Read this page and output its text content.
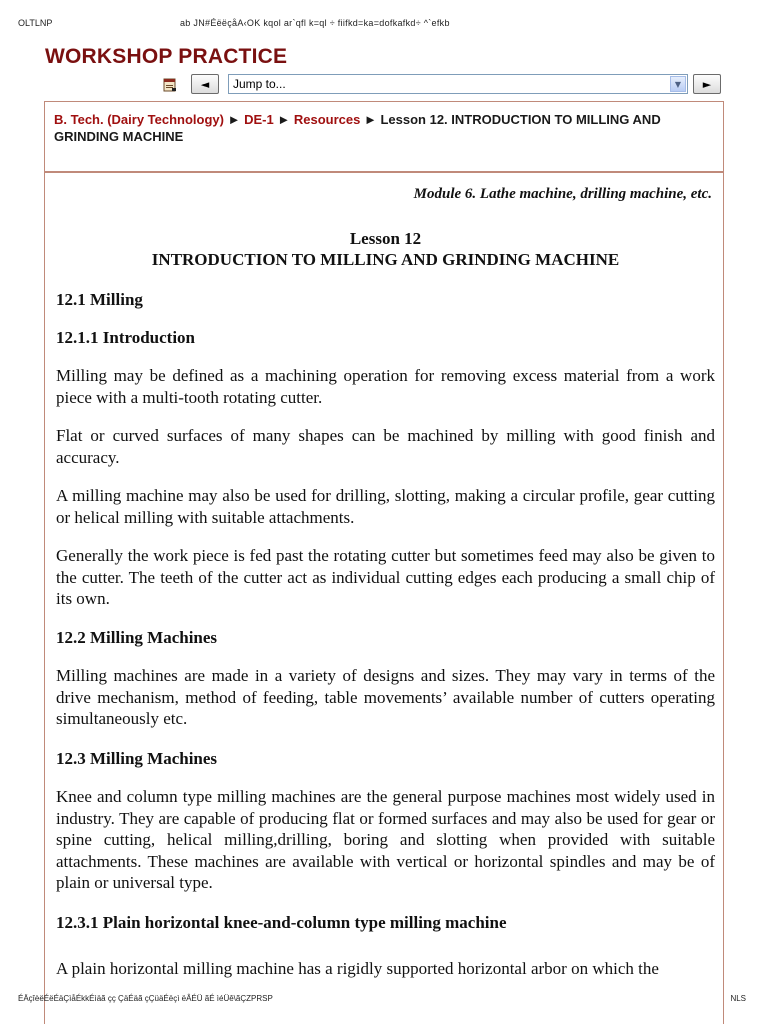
OLTLNP	ab JN#ÉëëçåA‹OK kqol ar`qfl k=ql ÷ fiifkd=ka=dofkafkd÷ ^`efkb
WORKSHOP PRACTICE
◄	Jump to...	▼	►
B. Tech. (Dairy Technology) ► DE-1 ► Resources ► Lesson 12. INTRODUCTION TO MILLING AND GRINDING MACHINE
Module 6. Lathe machine, drilling machine, etc.
Lesson 12
INTRODUCTION TO MILLING AND GRINDING MACHINE
12.1 Milling
12.1.1 Introduction

Milling may be defined as a machining operation for removing excess material from a work piece with a multi-tooth rotating cutter.

Flat or curved surfaces of many shapes can be machined by milling with good finish and accuracy.

A milling machine may also be used for drilling, slotting, making a circular profile, gear cutting or helical milling with suitable attachments.

Generally the work piece is fed past the rotating cutter but sometimes feed may also be given to the cutter. The teeth of the cutter act as individual cutting edges each producing a small chip of its own.

12.2 Milling Machines

Milling machines are made in a variety of designs and sizes. They may vary in terms of the drive mechanism, method of feeding, table movements’ available number of cutters operating simultaneously etc.

12.3 Milling Machines

Knee and column type milling machines are the general purpose machines most widely used in industry. They are capable of producing flat or formed surfaces and may also be used for gear or spine cutting, helical milling,drilling, boring and slotting when provided with suitable attachments. These machines are available with vertical or horizontal spindles and may be of plain or universal type.

12.3.1 Plain horizontal knee-and-column type milling machine

A plain horizontal milling machine has a rigidly supported horizontal arbor on which the

ÉÄçîèëÉëÉäÇìåÉkkÉìäã çç ÇäÉäã çÇüäÉëçì ëÂÉÜ ãÉ ìéÜê\ãÇZPRSP	NLS
